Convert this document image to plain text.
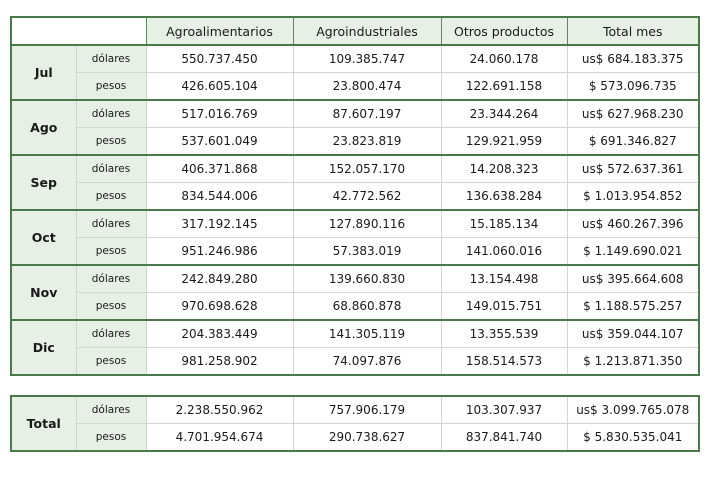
		Agroalimentarios	Agroindustriales	Otros productos	Total mes
Jul	dólares	550.737.450	109.385.747	24.060.178	us$ 684.183.375
	pesos	426.605.104	23.800.474	122.691.158	$ 573.096.735
Ago	dólares	517.016.769	87.607.197	23.344.264	us$ 627.968.230
	pesos	537.601.049	23.823.819	129.921.959	$ 691.346.827
Sep	dólares	406.371.868	152.057.170	14.208.323	us$ 572.637.361
	pesos	834.544.006	42.772.562	136.638.284	$ 1.013.954.852
Oct	dólares	317.192.145	127.890.116	15.185.134	us$ 460.267.396
	pesos	951.246.986	57.383.019	141.060.016	$ 1.149.690.021
Nov	dólares	242.849.280	139.660.830	13.154.498	us$ 395.664.608
	pesos	970.698.628	68.860.878	149.015.751	$ 1.188.575.257
Dic	dólares	204.383.449	141.305.119	13.355.539	us$ 359.044.107
	pesos	981.258.902	74.097.876	158.514.573	$ 1.213.871.350
Total	dólares	2.238.550.962	757.906.179	103.307.937	us$ 3.099.765.078
	pesos	4.701.954.674	290.738.627	837.841.740	$ 5.830.535.041
